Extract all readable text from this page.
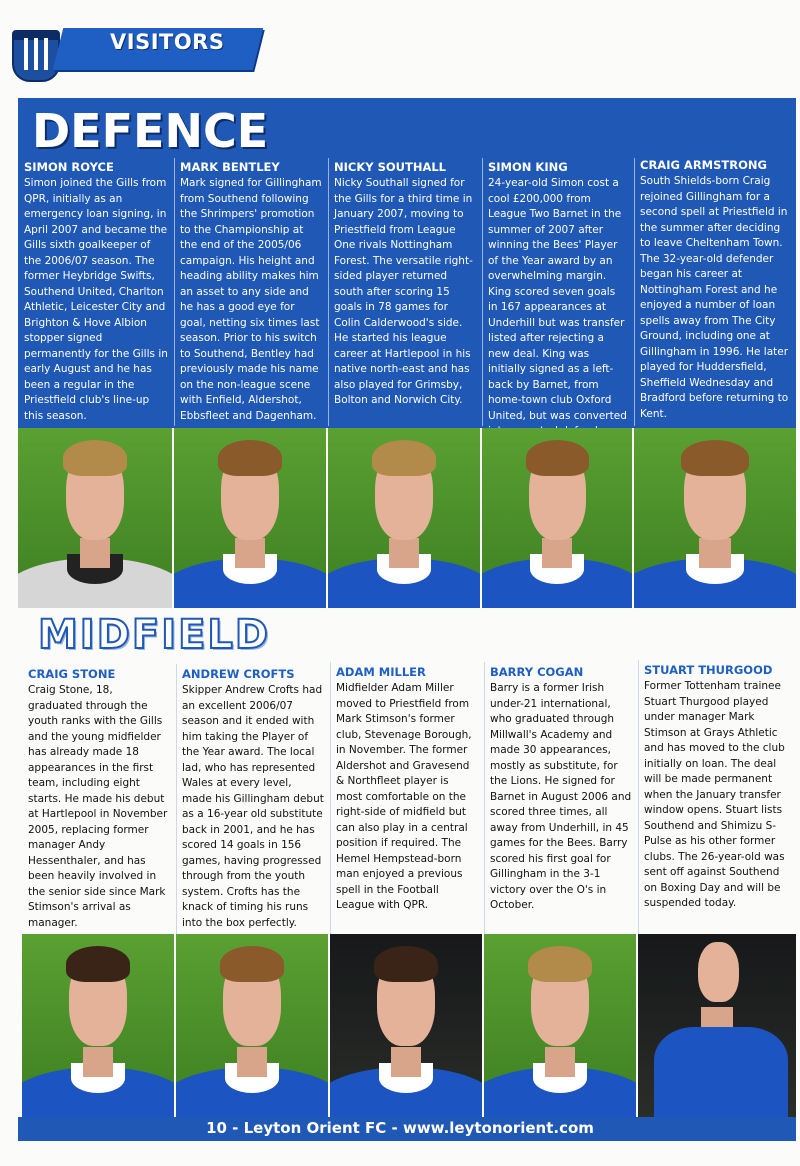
VISITORS
DEFENCE

SIMON ROYCE

Simon joined the Gills from QPR, initially as an emergency loan signing, in April 2007 and became the Gills sixth goalkeeper of the 2006/07 season. The former Heybridge Swifts, Southend United, Charlton Athletic, Leicester City and Brighton & Hove Albion stopper signed permanently for the Gills in early August and he has been a regular in the Priestfield club's line-up this season.

MARK BENTLEY

Mark signed for Gillingham from Southend following the Shrimpers' promotion to the Championship at the end of the 2005/06 campaign. His height and heading ability makes him an asset to any side and he has a good eye for goal, netting six times last season. Prior to his switch to Southend, Bentley had previously made his name on the non-league scene with Enfield, Aldershot, Ebbsfleet and Dagenham.

NICKY SOUTHALL

Nicky Southall signed for the Gills for a third time in January 2007, moving to Priestfield from League One rivals Nottingham Forest. The versatile right-sided player returned south after scoring 15 goals in 78 games for Colin Calderwood's side. He started his league career at Hartlepool in his native north-east and has also played for Grimsby, Bolton and Norwich City.

SIMON KING

24-year-old Simon cost a cool £200,000 from League Two Barnet in the summer of 2007 after winning the Bees' Player of the Year award by an overwhelming margin. King scored seven goals in 167 appearances at Underhill but was transfer listed after rejecting a new deal. King was initially signed as a left-back by Barnet, from home-town club Oxford United, but was converted

CRAIG ARMSTRONG

South Shields-born Craig rejoined Gillingham for a second spell at Priestfield in the summer after deciding to leave Cheltenham Town. The 32-year-old defender began his career at Nottingham Forest and he enjoyed a number of loan spells away from The City Ground, including one at Gillingham in 1996. He later played for Huddersfield, Sheffield Wednesday and Bradford before returning to Kent.

MIDFIELD

CRAIG STONE

Craig Stone, 18, graduated through the youth ranks with the Gills and the young midfielder has already made 18 appearances in the first team, including eight starts. He made his debut at Hartlepool in November 2005, replacing former manager Andy Hessenthaler, and has been heavily involved in the senior side since Mark Stimson's arrival as manager.

ANDREW CROFTS

Skipper Andrew Crofts had an excellent 2006/07 season and it ended with him taking the Player of the Year award. The local lad, who has represented Wales at every level, made his Gillingham debut as a 16-year old substitute back in 2001, and he has scored 14 goals in 156 games, having progressed through from the youth system. Crofts has the knack of timing his runs into the box perfectly.

ADAM MILLER

Midfielder Adam Miller moved to Priestfield from Mark Stimson's former club, Stevenage Borough, in November. The former Aldershot and Gravesend & Northfleet player is most comfortable on the right-side of midfield but can also play in a central position if required. The Hemel Hempstead-born man enjoyed a previous spell in the Football League with QPR.

BARRY COGAN

Barry is a former Irish under-21 international, who graduated through Millwall's Academy and made 30 appearances, mostly as substitute, for the Lions. He signed for Barnet in August 2006 and scored three times, all away from Underhill, in 45 games for the Bees. Barry scored his first goal for Gillingham in the 3-1 victory over the O's in October.

STUART THURGOOD

Former Tottenham trainee Stuart Thurgood played under manager Mark Stimson at Grays Athletic and has moved to the club initially on loan. The deal will be made permanent when the January transfer window opens. Stuart lists Southend and Shimizu S-Pulse as his other former clubs. The 26-year-old was sent off against Southend on Boxing Day and will be suspended today.

10 - Leyton Orient FC - www.leytonorient.com
